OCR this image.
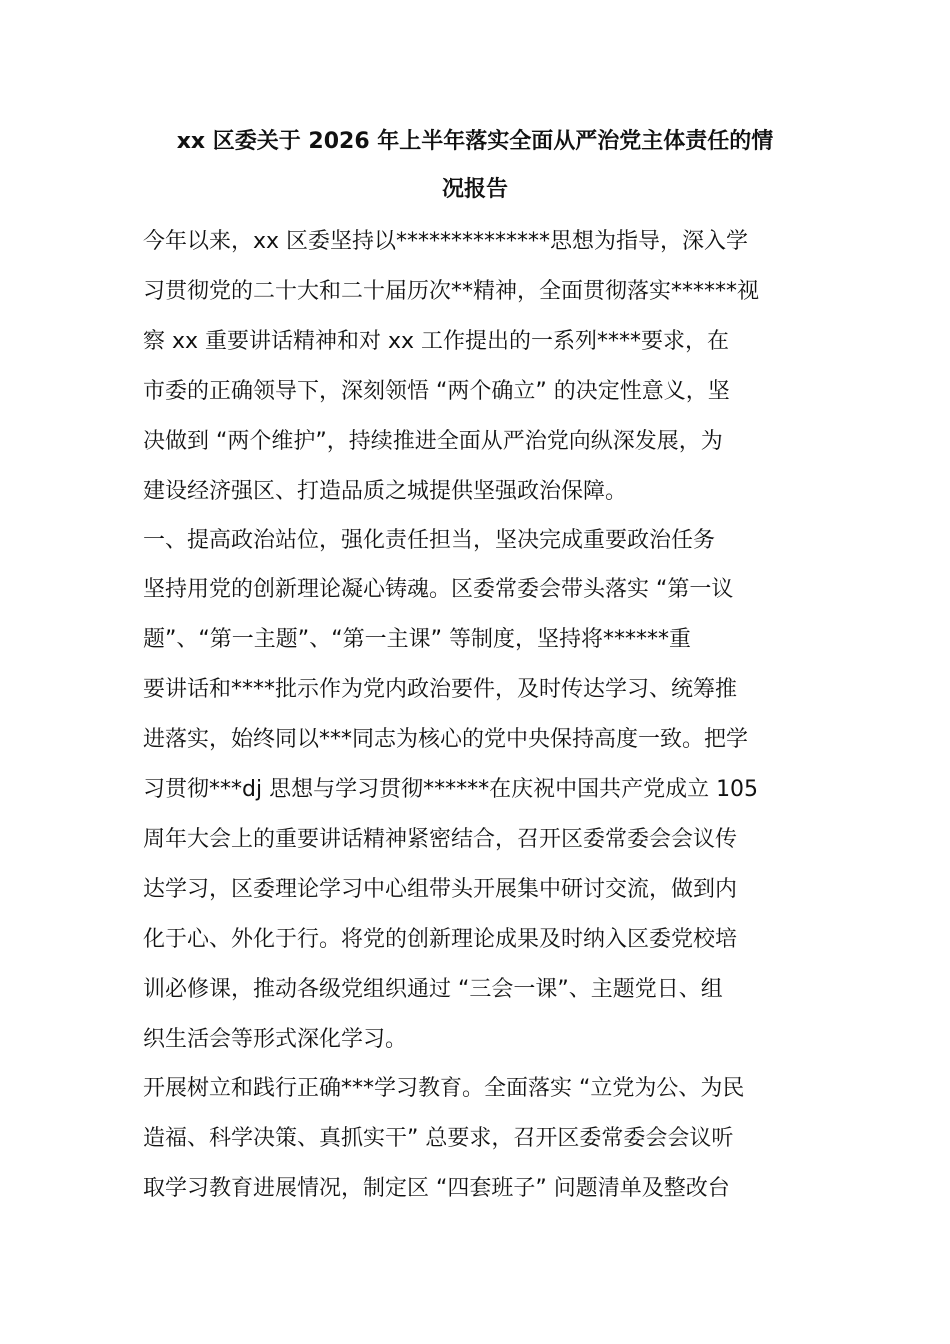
xx 区委关于 2026 年上半年落实全面从严治党主体责任的情
况报告
今年以来，xx 区委坚持以**************思想为指导，深入学
习贯彻党的二十大和二十届历次**精神，全面贯彻落实******视
察 xx 重要讲话精神和对 xx 工作提出的一系列****要求，在
市委的正确领导下，深刻领悟 “两个确立” 的决定性意义，坚
决做到 “两个维护”，持续推进全面从严治党向纵深发展，为
建设经济强区、打造品质之城提供坚强政治保障。
一、提高政治站位，强化责任担当，坚决完成重要政治任务
坚持用党的创新理论凝心铸魂。区委常委会带头落实 “第一议
题”、“第一主题”、“第一主课” 等制度，坚持将******重
要讲话和****批示作为党内政治要件，及时传达学习、统筹推
进落实，始终同以***同志为核心的党中央保持高度一致。把学
习贯彻***dj 思想与学习贯彻******在庆祝中国共产党成立 105
周年大会上的重要讲话精神紧密结合，召开区委常委会会议传
达学习，区委理论学习中心组带头开展集中研讨交流，做到内
化于心、外化于行。将党的创新理论成果及时纳入区委党校培
训必修课，推动各级党组织通过 “三会一课”、主题党日、组
织生活会等形式深化学习。
开展树立和践行正确***学习教育。全面落实 “立党为公、为民
造福、科学决策、真抓实干” 总要求，召开区委常委会会议听
取学习教育进展情况，制定区 “四套班子” 问题清单及整改台
